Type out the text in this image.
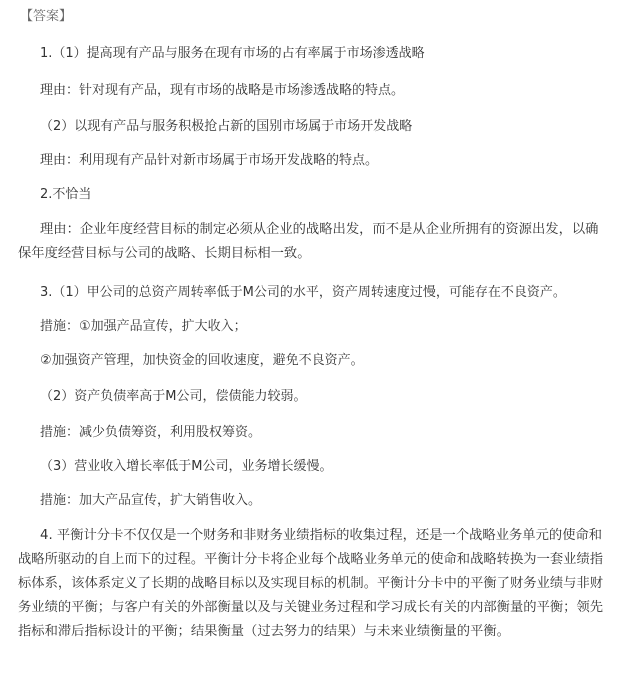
【答案】
1.（1）提高现有产品与服务在现有市场的占有率属于市场渗透战略
理由：针对现有产品，现有市场的战略是市场渗透战略的特点。
（2）以现有产品与服务积极抢占新的国别市场属于市场开发战略
理由：利用现有产品针对新市场属于市场开发战略的特点。
2.不恰当
理由：企业年度经营目标的制定必须从企业的战略出发，而不是从企业所拥有的资源出发，以确保年度经营目标与公司的战略、长期目标相一致。
3.（1）甲公司的总资产周转率低于M公司的水平，资产周转速度过慢，可能存在不良资产。
措施：①加强产品宣传，扩大收入；
②加强资产管理，加快资金的回收速度，避免不良资产。
（2）资产负债率高于M公司，偿债能力较弱。
措施：减少负债筹资，利用股权筹资。
（3）营业收入增长率低于M公司，业务增长缓慢。
措施：加大产品宣传，扩大销售收入。
4. 平衡计分卡不仅仅是一个财务和非财务业绩指标的收集过程，还是一个战略业务单元的使命和战略所驱动的自上而下的过程。平衡计分卡将企业每个战略业务单元的使命和战略转换为一套业绩指标体系，该体系定义了长期的战略目标以及实现目标的机制。平衡计分卡中的平衡了财务业绩与非财务业绩的平衡；与客户有关的外部衡量以及与关键业务过程和学习成长有关的内部衡量的平衡；领先指标和滞后指标设计的平衡；结果衡量（过去努力的结果）与未来业绩衡量的平衡。
